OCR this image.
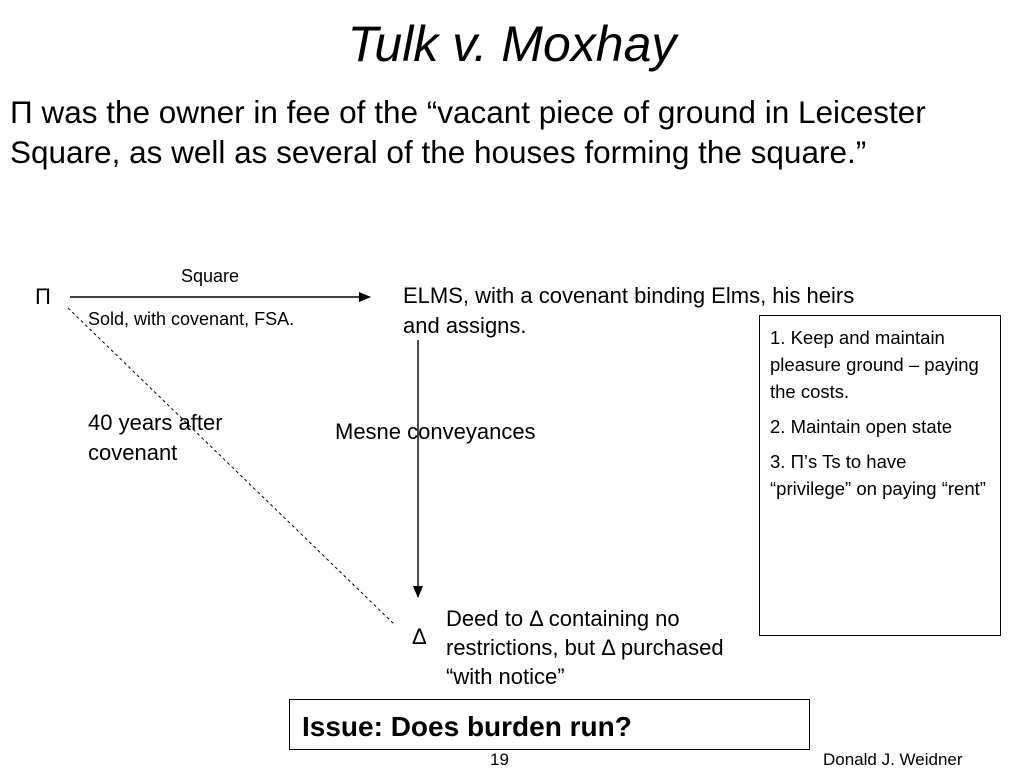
Tulk v. Moxhay
Π was the owner in fee of the “vacant piece of ground in Leicester Square, as well as several of the houses forming the square.”
Π
Square
Sold, with covenant, FSA.
ELMS, with a covenant binding Elms, his heirs and assigns.
Mesne conveyances
40 years after covenant
Δ
Deed to Δ containing no restrictions, but Δ purchased “with notice”

1. Keep and maintain pleasure ground – paying the costs.

2. Maintain open state

3. Π’s Ts to have “privilege” on paying “rent”

Issue: Does burden run?
19	Donald J. Weidner
